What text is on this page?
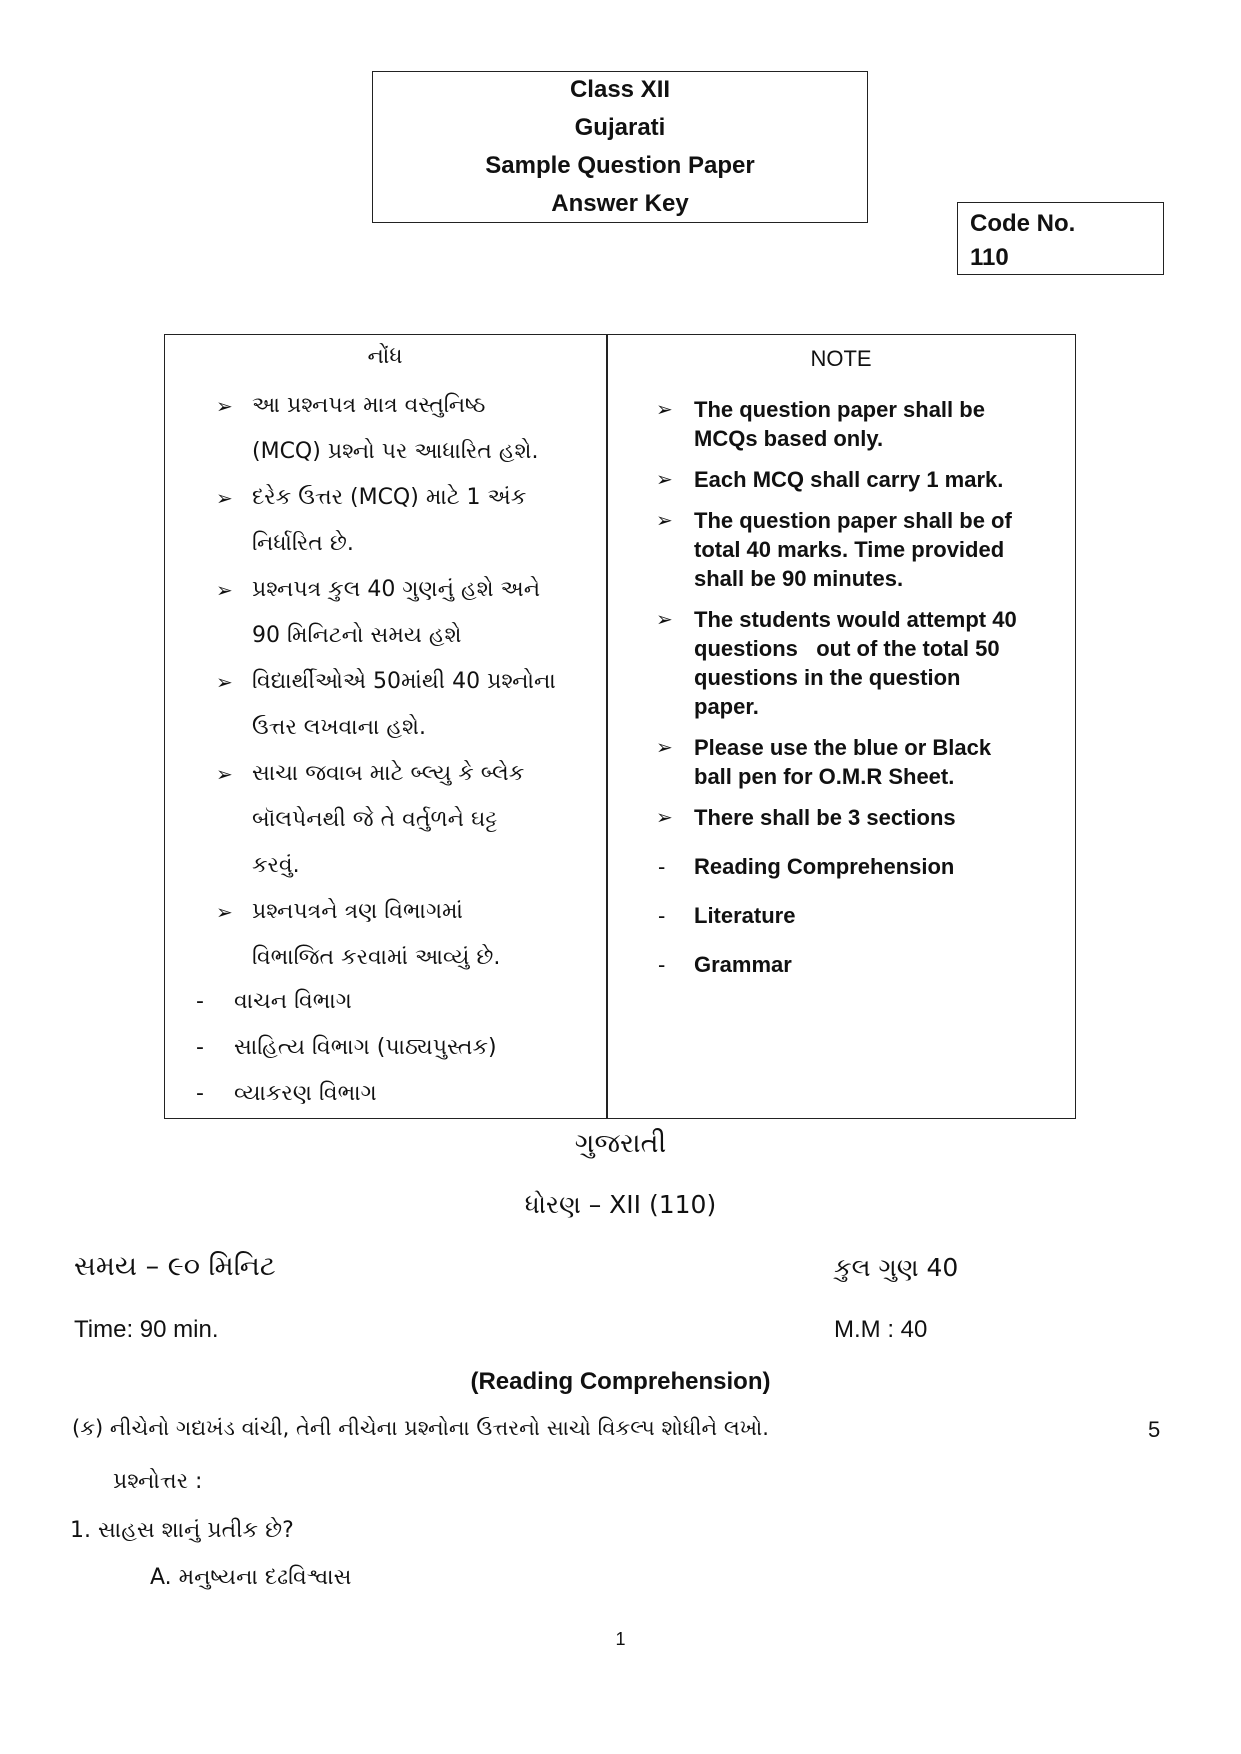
Class XII
Gujarati
Sample Question Paper
Answer Key
Code No.
110
નોંધ
➢ આ પ્રશ્નપત્ર માત્ર વસ્તુનિષ્ઠ
(MCQ) પ્રશ્નો પર આધારિત હશે.
➢ દરેક ઉત્તર (MCQ) માટે 1 અંક
નિર્ધારિત છે.
➢ પ્રશ્નપત્ર કુલ 40 ગુણનું હશે અને
90 મિનિટનો સમય હશે
➢ વિદ્યાર્થીઓએ 50માંથી 40 પ્રશ્નોના
ઉત્તર લખવાના હશે.
➢ સાચા જવાબ માટે બ્લ્યુ કે બ્લેક
બૉલપેનથી જે તે વર્તુળને ઘટ્ટ
કરવું.
➢ પ્રશ્નપત્રને ત્રણ વિભાગમાં
વિભાજિત કરવામાં આવ્યું છે.
- વાચન વિભાગ
- સાહિત્ય વિભાગ (પાઠ્યપુસ્તક)
- વ્યાકરણ વિભાગ
NOTE
➢ The question paper shall be
MCQs based only.
➢ Each MCQ shall carry 1 mark.
➢ The question paper shall be of
total 40 marks. Time provided
shall be 90 minutes.
➢ The students would attempt 40
questions   out of the total 50
questions in the question
paper.
➢ Please use the blue or Black
ball pen for O.M.R Sheet.
➢ There shall be 3 sections
- Reading Comprehension
- Literature
- Grammar
ગુજરાતી
ધોરણ – XII (110)
સમય – ૯૦ મિનિટ	કુલ ગુણ 40
Time: 90 min.	M.M : 40
(Reading Comprehension)
(ક) નીચેનો ગદ્યખંડ વાંચી, તેની નીચેના પ્રશ્નોના ઉત્તરનો સાચો વિકલ્પ શોધીને લખો.	5
પ્રશ્નોત્તર :
1. સાહસ શાનું પ્રતીક છે?
A. મનુષ્યના દઢવિશ્વાસ
1
